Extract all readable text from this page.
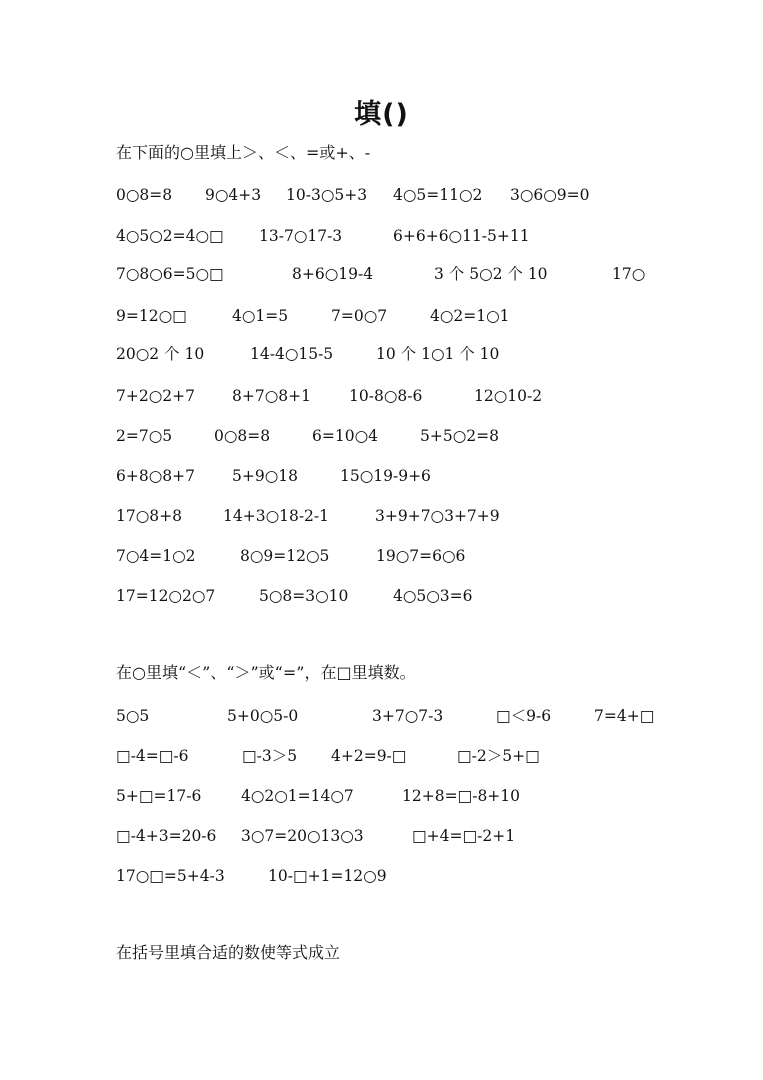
填()
在下面的○里填上＞、＜、=或+、-
0○8=8 9○4+3 10-3○5+3 4○5=11○2 3○6○9=0
4○5○2=4○□ 13-7○17-3	6+6+6○11-5+11
7○8○6=5○□	8+6○19-4	3 个 5○2 个 10	17○
9=12○□	4○1=5	7=0○7	4○2=1○1
20○2 个 10	14-4○15-5	10 个 1○1 个 10
7+2○2+7 8+7○8+1 10-8○8-6	12○10-2
2=7○5	0○8=8	6=10○4	5+5○2=8
6+8○8+7 5+9○18	15○19-9+6
17○8+8	14+3○18-2-1	3+9+7○3+7+9
7○4=1○2	8○9=12○5	19○7=6○6
17=12○2○7	5○8=3○10	4○5○3=6
在○里填“＜”、“＞”或“=”，在□里填数。
5○5	5+0○5-0	3+7○7-3	□＜9-6	7=4+□
□-4=□-6	□-3＞5 4+2=9-□	□-2＞5+□
5+□=17-6	4○2○1=14○7	12+8=□-8+10
□-4+3=20-6 3○7=20○13○3	□+4=□-2+1
17○□=5+4-3	10-□+1=12○9
在括号里填合适的数使等式成立
